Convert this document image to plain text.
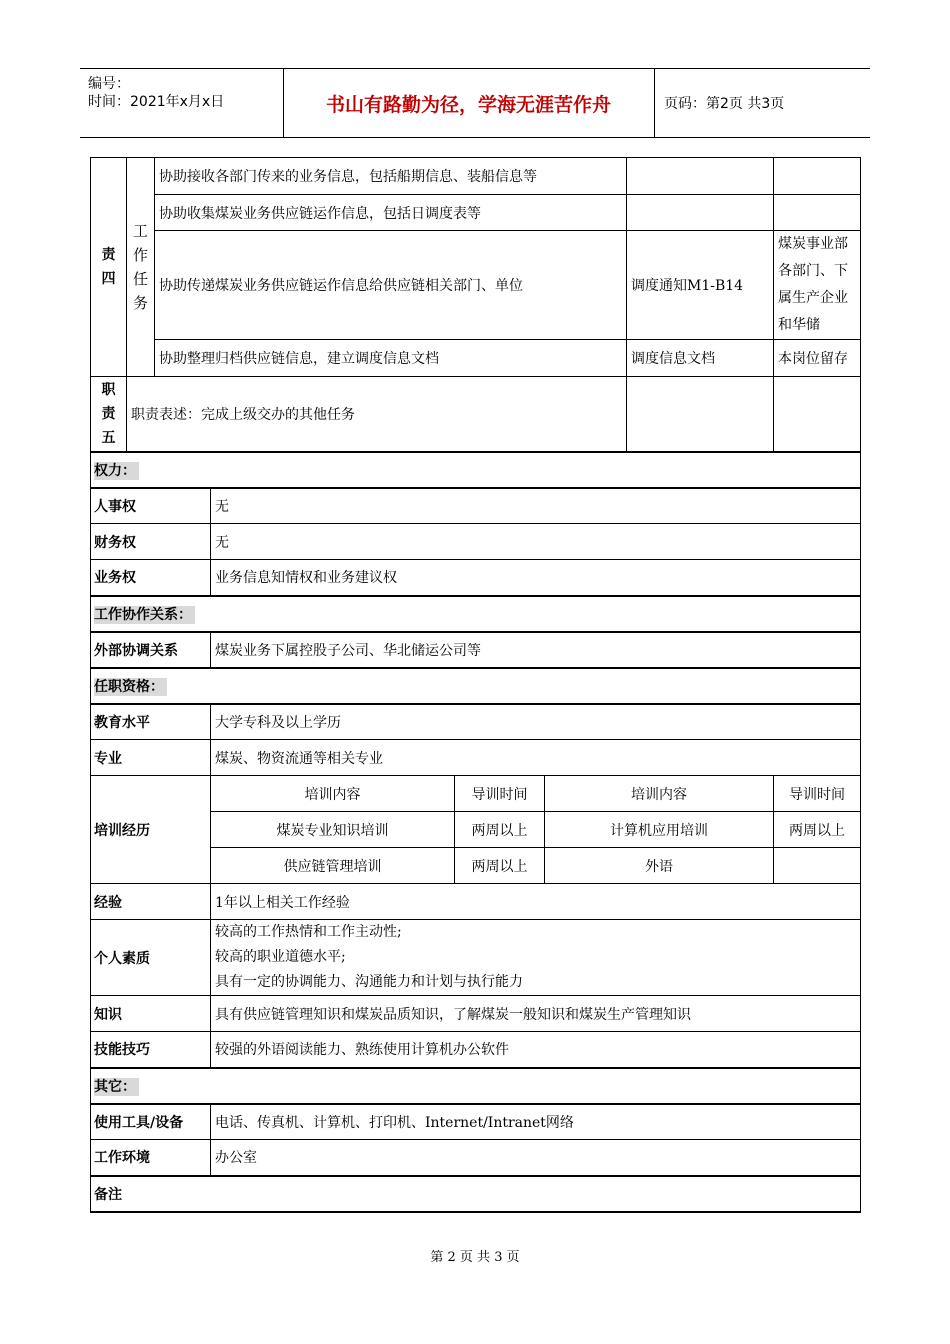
编号：
时间：2021年x月x日	书山有路勤为径，学海无涯苦作舟	页码：第2页 共3页
责四	工作任务	协助接收各部门传来的业务信息，包括船期信息、装船信息等					
		协助收集煤炭业务供应链运作信息，包括日调度表等					
		协助传递煤炭业务供应链运作信息给供应链相关部门、单位				调度通知M1-B14	煤炭事业部各部门、下属生产企业和华储
		协助整理归档供应链信息，建立调度信息文档				调度信息文档	本岗位留存
职责五	职责表述：完成上级交办的其他任务						
权力：							
人事权			无				
财务权			无				
业务权			业务信息知情权和业务建议权				
工作协作关系：							
外部协调关系			煤炭业务下属控股子公司、华北储运公司等				
任职资格：							
教育水平			大学专科及以上学历				
专业			煤炭、物资流通等相关专业				
培训经历			培训内容	导训时间	培训内容		导训时间
			煤炭专业知识培训	两周以上	计算机应用培训		两周以上
			供应链管理培训	两周以上	外语		
经验			1年以上相关工作经验				
个人素质			较高的工作热情和工作主动性;
较高的职业道德水平;
具有一定的协调能力、沟通能力和计划与执行能力				

知识			具有供应链管理知识和煤炭品质知识，了解煤炭一般知识和煤炭生产管理知识				
技能技巧			较强的外语阅读能力、熟练使用计算机办公软件				
其它：							
使用工具/设备			电话、传真机、计算机、打印机、Internet/Intranet网络				
工作环境			办公室				
备注							
第 2 页 共 3 页
